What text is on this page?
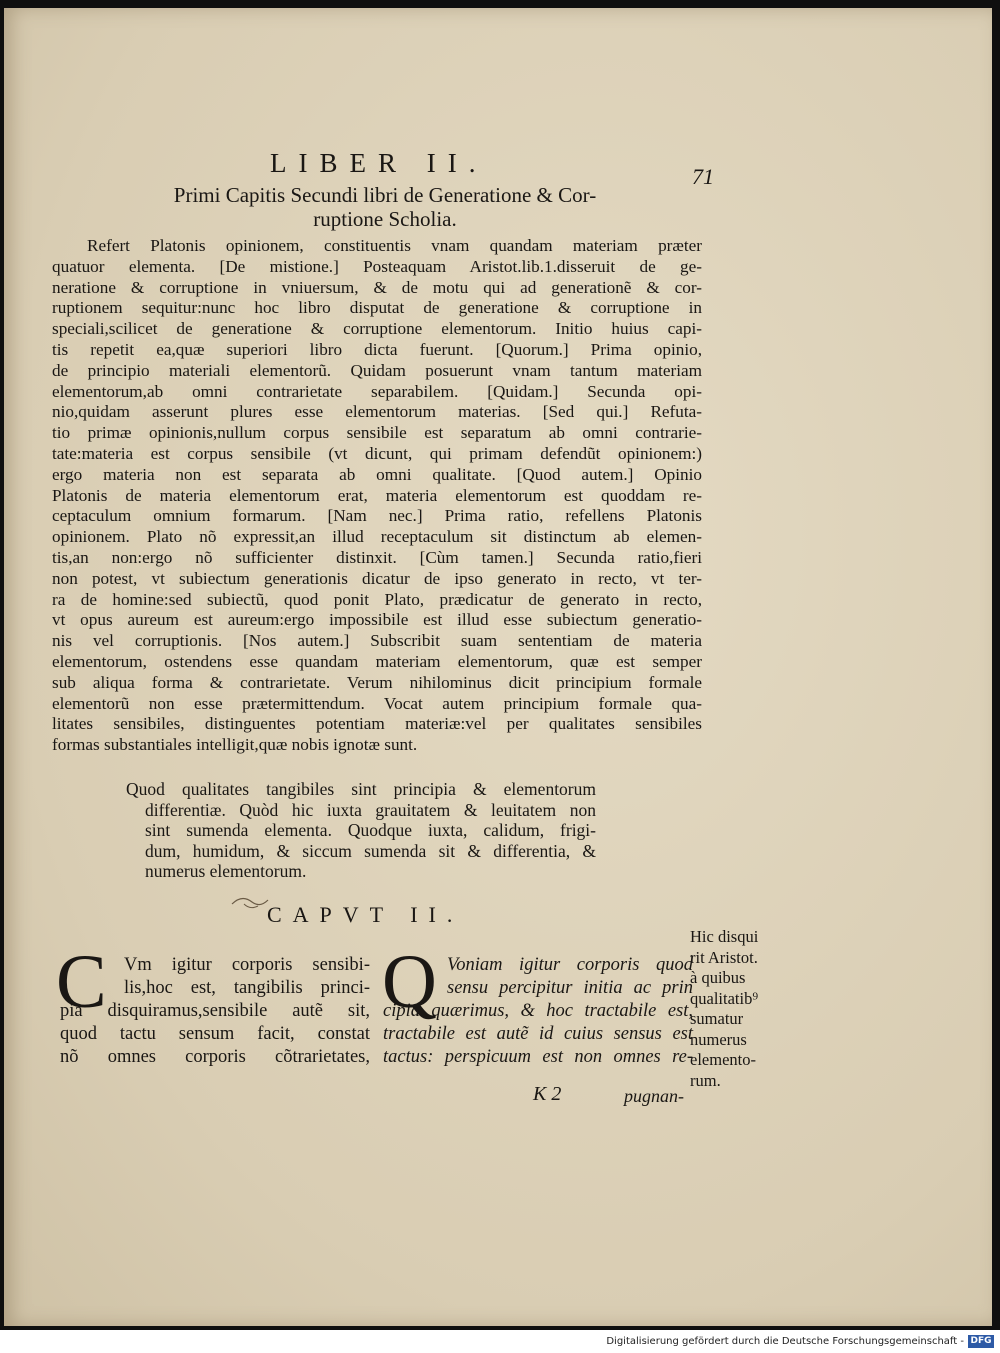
LIBER II.	71
Primi Capitis Secundi libri de Generatione & Cor-
ruptione Scholia.
Refert Platonis opinionem, constituentis vnam quandam materiam præter
quatuor elementa. [De mistione.] Posteaquam Aristot.lib.1.disseruit de ge-
neratione & corruptione in vniuersum, & de motu qui ad generationẽ & cor-
ruptionem sequitur:nunc hoc libro disputat de generatione & corruptione in
speciali,scilicet de generatione & corruptione elementorum. Initio huius capi-
tis repetit ea,quæ superiori libro dicta fuerunt. [Quorum.] Prima opinio,
de principio materiali elementorũ. Quidam posuerunt vnam tantum materiam
elementorum,ab omni contrarietate separabilem. [Quidam.] Secunda opi-
nio,quidam asserunt plures esse elementorum materias. [Sed qui.] Refuta-
tio primæ opinionis,nullum corpus sensibile est separatum ab omni contrarie-
tate:materia est corpus sensibile (vt dicunt, qui primam defendũt opinionem:)
ergo materia non est separata ab omni qualitate. [Quod autem.] Opinio
Platonis de materia elementorum erat, materia elementorum est quoddam re-
ceptaculum omnium formarum. [Nam nec.] Prima ratio, refellens Platonis
opinionem. Plato nõ expressit,an illud receptaculum sit distinctum ab elemen-
tis,an non:ergo nõ sufficienter distinxit. [Cùm tamen.] Secunda ratio,fieri
non potest, vt subiectum generationis dicatur de ipso generato in recto, vt ter-
ra de homine:sed subiectũ, quod ponit Plato, prædicatur de generato in recto,
vt opus aureum est aureum:ergo impossibile est illud esse subiectum generatio-
nis vel corruptionis. [Nos autem.] Subscribit suam sententiam de materia
elementorum, ostendens esse quandam materiam elementorum, quæ est semper
sub aliqua forma & contrarietate. Verum nihilominus dicit principium formale
elementorũ non esse prætermittendum. Vocat autem principium formale qua-
litates sensibiles, distinguentes potentiam materiæ:vel per qualitates sensibiles
formas substantiales intelligit,quæ nobis ignotæ sunt.
Quod qualitates tangibiles sint principia & elementorum
differentiæ. Quòd hic iuxta grauitatem & leuitatem non
sint sumenda elementa. Quodque iuxta, calidum, frigi-
dum, humidum, & siccum sumenda sit & differentia, &
numerus elementorum.
CAPVT II.
C Vm igitur corporis sensibi-
lis,hoc est, tangibilis princi-
pia disquiramus,sensibile autẽ sit,
quod tactu sensum facit, constat
nõ omnes corporis cõtrarietates,
Q Voniam igitur corporis quod
sensu percipitur initia ac prin
cipia quærimus, & hoc tractabile est,
tractabile est autẽ id cuius sensus est
tactus: perspicuum est non omnes re-
Hic disqui
rit Aristot.
à quibus
qualitatib⁹
sumatur
numerus
elemento-
rum.
K 2	pugnan-
Digitalisierung gefördert durch die Deutsche Forschungsgemeinschaft - DFG
